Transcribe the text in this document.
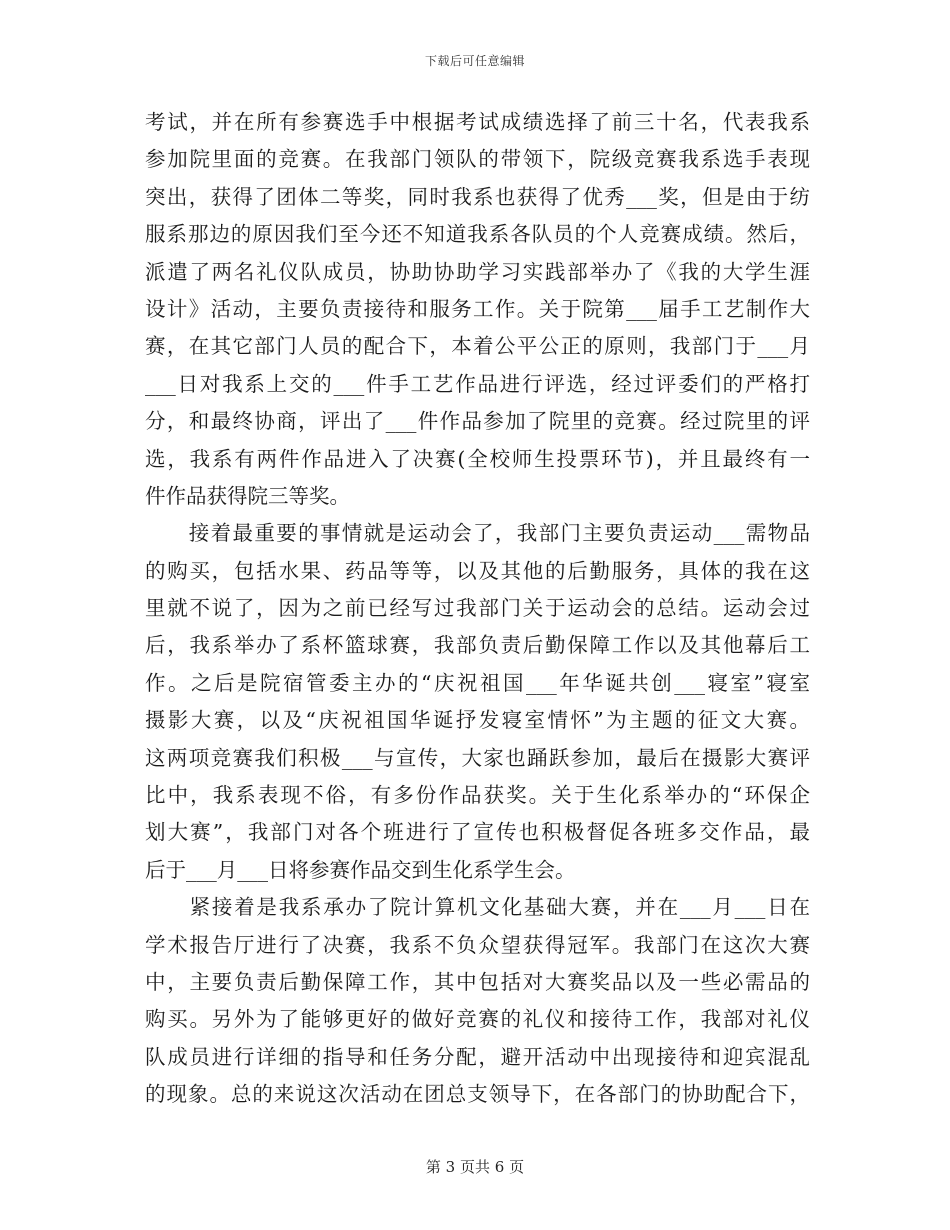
下载后可任意编辑
考试，并在所有参赛选手中根据考试成绩选择了前三十名，代表我系
参加院里面的竞赛。在我部门领队的带领下，院级竞赛我系选手表现
突出，获得了团体二等奖，同时我系也获得了优秀___奖，但是由于纺
服系那边的原因我们至今还不知道我系各队员的个人竞赛成绩。然后，
派遣了两名礼仪队成员，协助协助学习实践部举办了《我的大学生涯
设计》活动，主要负责接待和服务工作。关于院第___届手工艺制作大
赛，在其它部门人员的配合下，本着公平公正的原则，我部门于___月
___日对我系上交的___件手工艺作品进行评选，经过评委们的严格打
分，和最终协商，评出了___件作品参加了院里的竞赛。经过院里的评
选，我系有两件作品进入了决赛(全校师生投票环节)，并且最终有一
件作品获得院三等奖。
　　接着最重要的事情就是运动会了，我部门主要负责运动___需物品
的购买，包括水果、药品等等，以及其他的后勤服务，具体的我在这
里就不说了，因为之前已经写过我部门关于运动会的总结。运动会过
后，我系举办了系杯篮球赛，我部负责后勤保障工作以及其他幕后工
作。之后是院宿管委主办的“庆祝祖国___年华诞共创___寝室”寝室
摄影大赛，以及“庆祝祖国华诞抒发寝室情怀”为主题的征文大赛。
这两项竞赛我们积极___与宣传，大家也踊跃参加，最后在摄影大赛评
比中，我系表现不俗，有多份作品获奖。关于生化系举办的“环保企
划大赛”，我部门对各个班进行了宣传也积极督促各班多交作品，最
后于___月___日将参赛作品交到生化系学生会。
　　紧接着是我系承办了院计算机文化基础大赛，并在___月___日在
学术报告厅进行了决赛，我系不负众望获得冠军。我部门在这次大赛
中，主要负责后勤保障工作，其中包括对大赛奖品以及一些必需品的
购买。另外为了能够更好的做好竞赛的礼仪和接待工作，我部对礼仪
队成员进行详细的指导和任务分配，避开活动中出现接待和迎宾混乱
的现象。总的来说这次活动在团总支领导下，在各部门的协助配合下，
第 3 页共 6 页
